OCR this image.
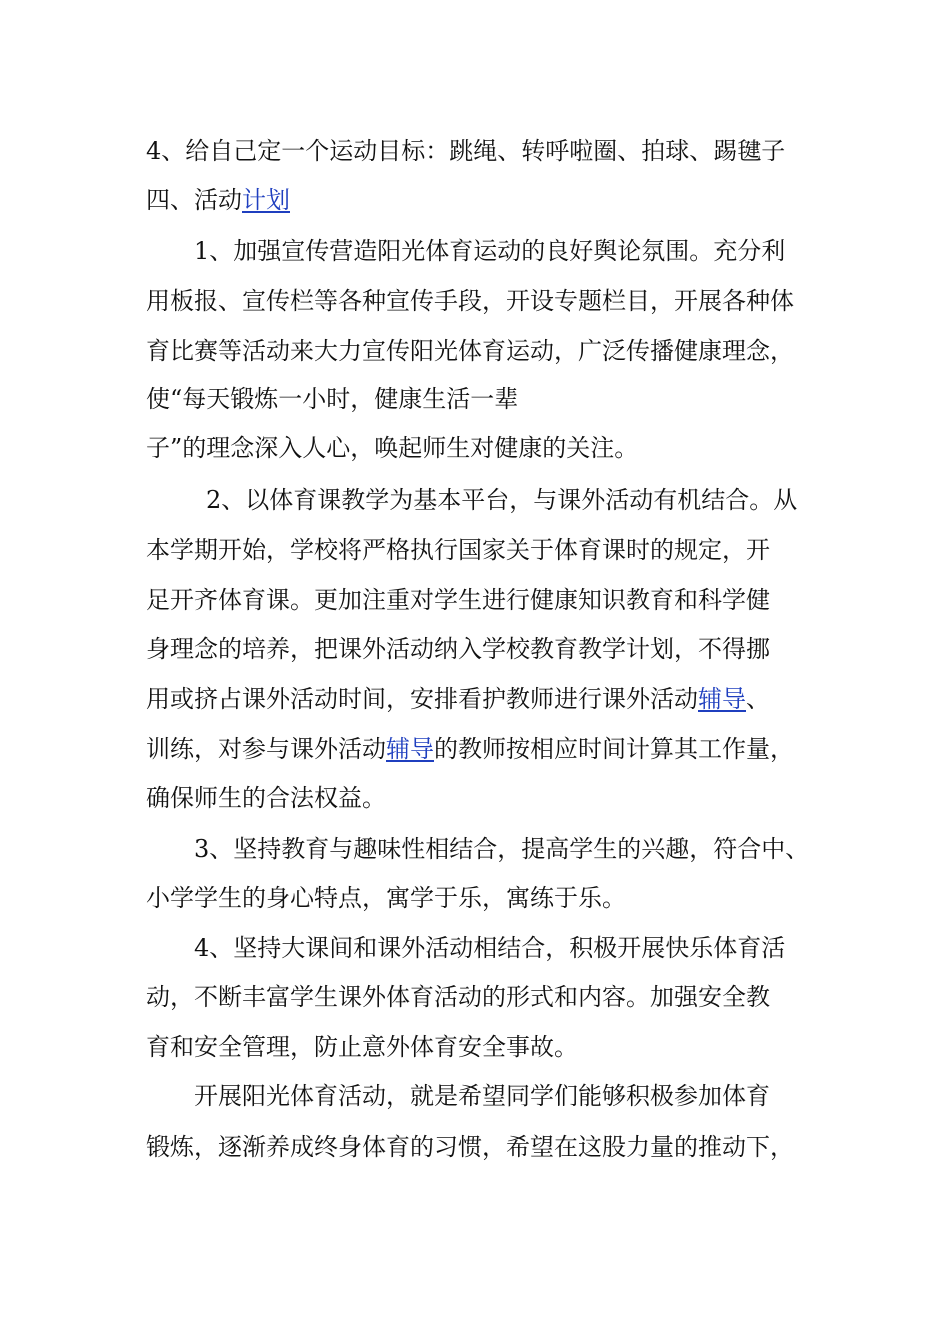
4、给自己定一个运动目标：跳绳、转呼啦圈、拍球、踢毽子
四、活动计划
1、加强宣传营造阳光体育运动的良好舆论氛围。充分利
用板报、宣传栏等各种宣传手段，开设专题栏目，开展各种体
育比赛等活动来大力宣传阳光体育运动，广泛传播健康理念，
使“每天锻炼一小时，健康生活一辈
子”的理念深入人心，唤起师生对健康的关注。
2、以体育课教学为基本平台，与课外活动有机结合。从
本学期开始，学校将严格执行国家关于体育课时的规定，开
足开齐体育课。更加注重对学生进行健康知识教育和科学健
身理念的培养，把课外活动纳入学校教育教学计划，不得挪
用或挤占课外活动时间，安排看护教师进行课外活动辅导、
训练，对参与课外活动辅导的教师按相应时间计算其工作量，
确保师生的合法权益。
3、坚持教育与趣味性相结合，提高学生的兴趣，符合中、
小学学生的身心特点，寓学于乐，寓练于乐。
4、坚持大课间和课外活动相结合，积极开展快乐体育活
动，不断丰富学生课外体育活动的形式和内容。加强安全教
育和安全管理，防止意外体育安全事故。
开展阳光体育活动，就是希望同学们能够积极参加体育
锻炼，逐渐养成终身体育的习惯，希望在这股力量的推动下，
